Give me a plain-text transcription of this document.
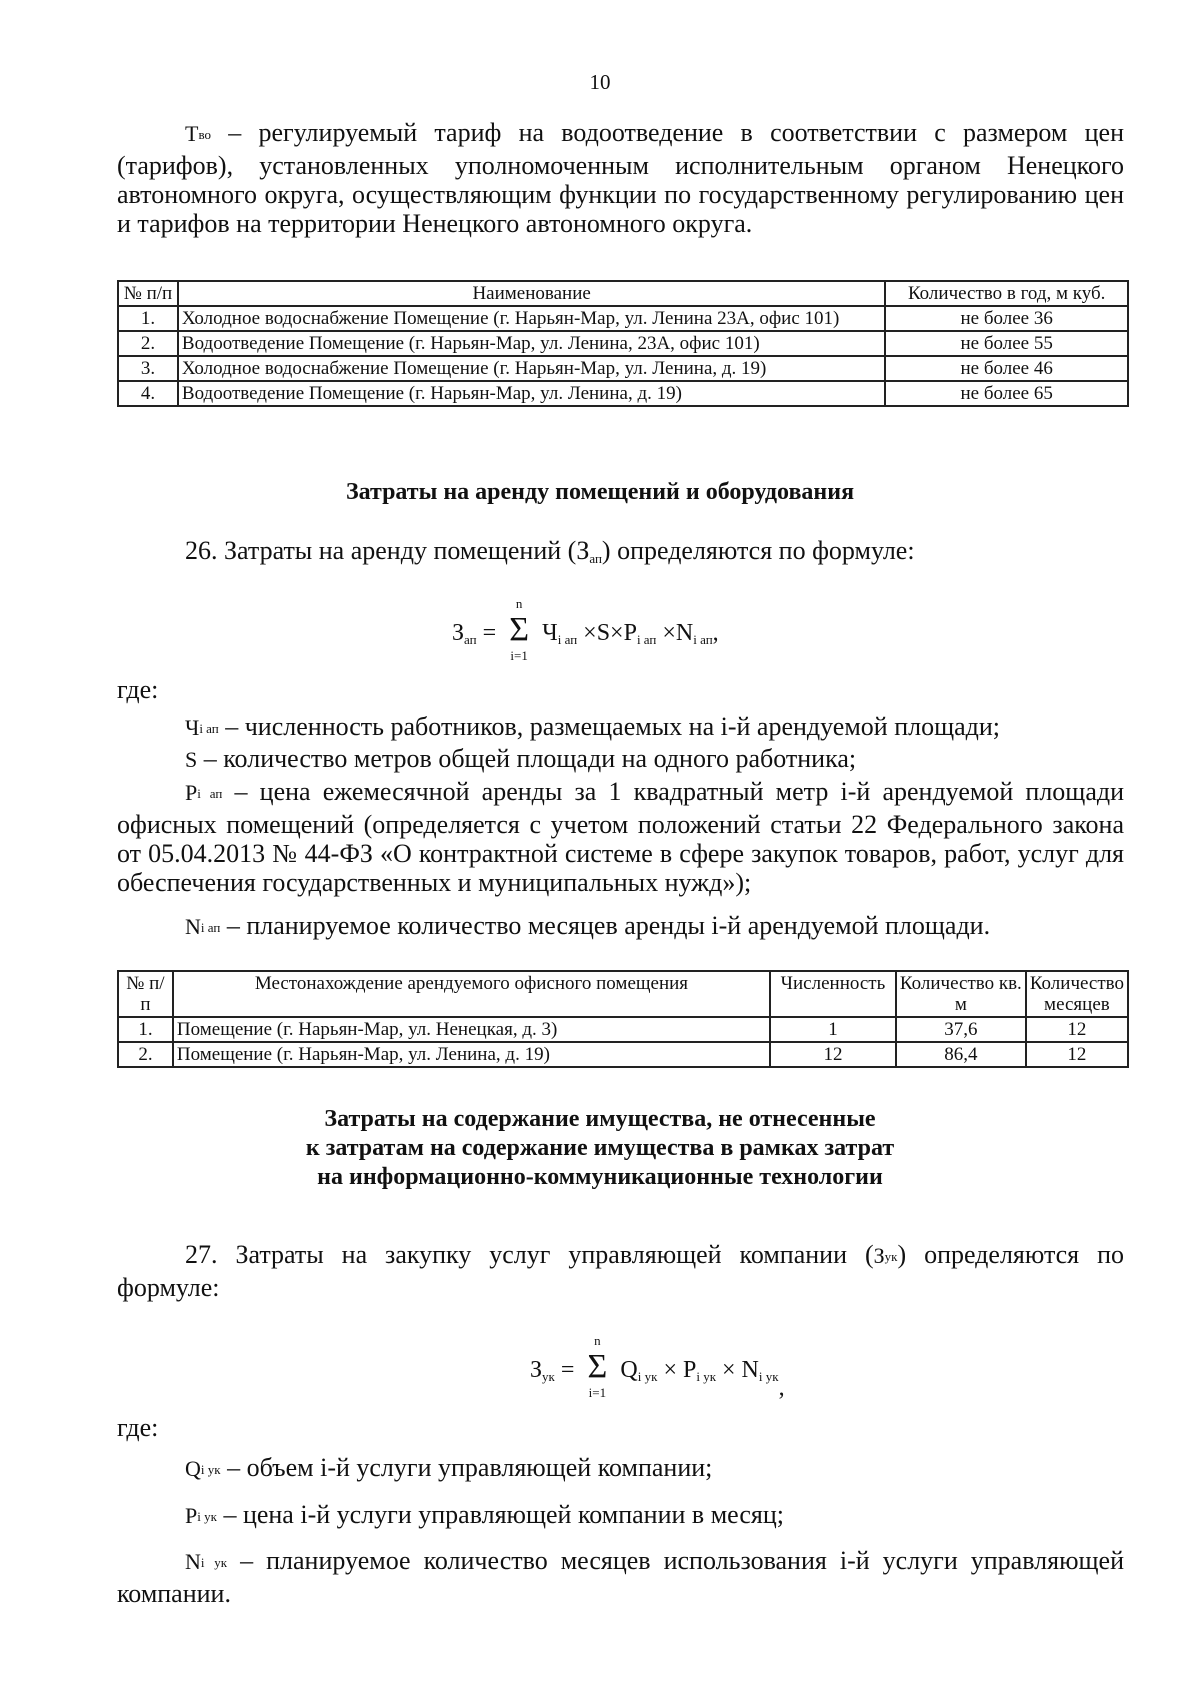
10
Tво – регулируемый тариф на водоотведение в соответствии с размером цен (тарифов), установленных уполномоченным исполнительным органом Ненецкого автономного округа, осуществляющим функции по государственному регулированию цен и тарифов на территории Ненецкого автономного округа.
№ п/п	Наименование	Количество в год, м куб.
1.	Холодное водоснабжение Помещение (г. Нарьян-Мар, ул. Ленина 23А, офис 101)	не более 36
2.	Водоотведение Помещение (г. Нарьян-Мар, ул. Ленина, 23А, офис 101)	не более 55
3.	Холодное водоснабжение Помещение (г. Нарьян-Мар, ул. Ленина, д. 19)	не более 46
4.	Водоотведение Помещение (г. Нарьян-Мар, ул. Ленина, д. 19)	не более 65
Затраты на аренду помещений и оборудования
26. Затраты на аренду помещений (Зап) определяются по формуле:
Зап = Σ
n
i=1
Чi ап ×S×Pi ап ×Ni ап,
где:
Чi ап – численность работников, размещаемых на i-й арендуемой площади;
S – количество метров общей площади на одного работника;
Pi ап – цена ежемесячной аренды за 1 квадратный метр i-й арендуемой площади офисных помещений (определяется с учетом положений статьи 22 Федерального закона от 05.04.2013 № 44-ФЗ «О контрактной системе в сфере закупок товаров, работ, услуг для обеспечения государственных и муниципальных нужд»);
Ni ап – планируемое количество месяцев аренды i-й арендуемой площади.
№ п/п	Местонахождение арендуемого офисного помещения	Численность	Количество кв. м	Количество месяцев
1.	Помещение (г. Нарьян-Мар, ул. Ненецкая, д. 3)	1	37,6	12
2.	Помещение (г. Нарьян-Мар, ул. Ленина, д. 19)	12	86,4	12
Затраты на содержание имущества, не отнесенные
к затратам на содержание имущества в рамках затрат
на информационно-коммуникационные технологии
27. Затраты на закупку услуг управляющей компании (Зук) определяются по формуле:
Зук = Σ
n
i=1
Qi ук × Pi ук × Ni ук,
где:
Qi ук – объем i-й услуги управляющей компании;
Pi ук – цена i-й услуги управляющей компании в месяц;
Ni ук – планируемое количество месяцев использования i-й услуги управляющей компании.
